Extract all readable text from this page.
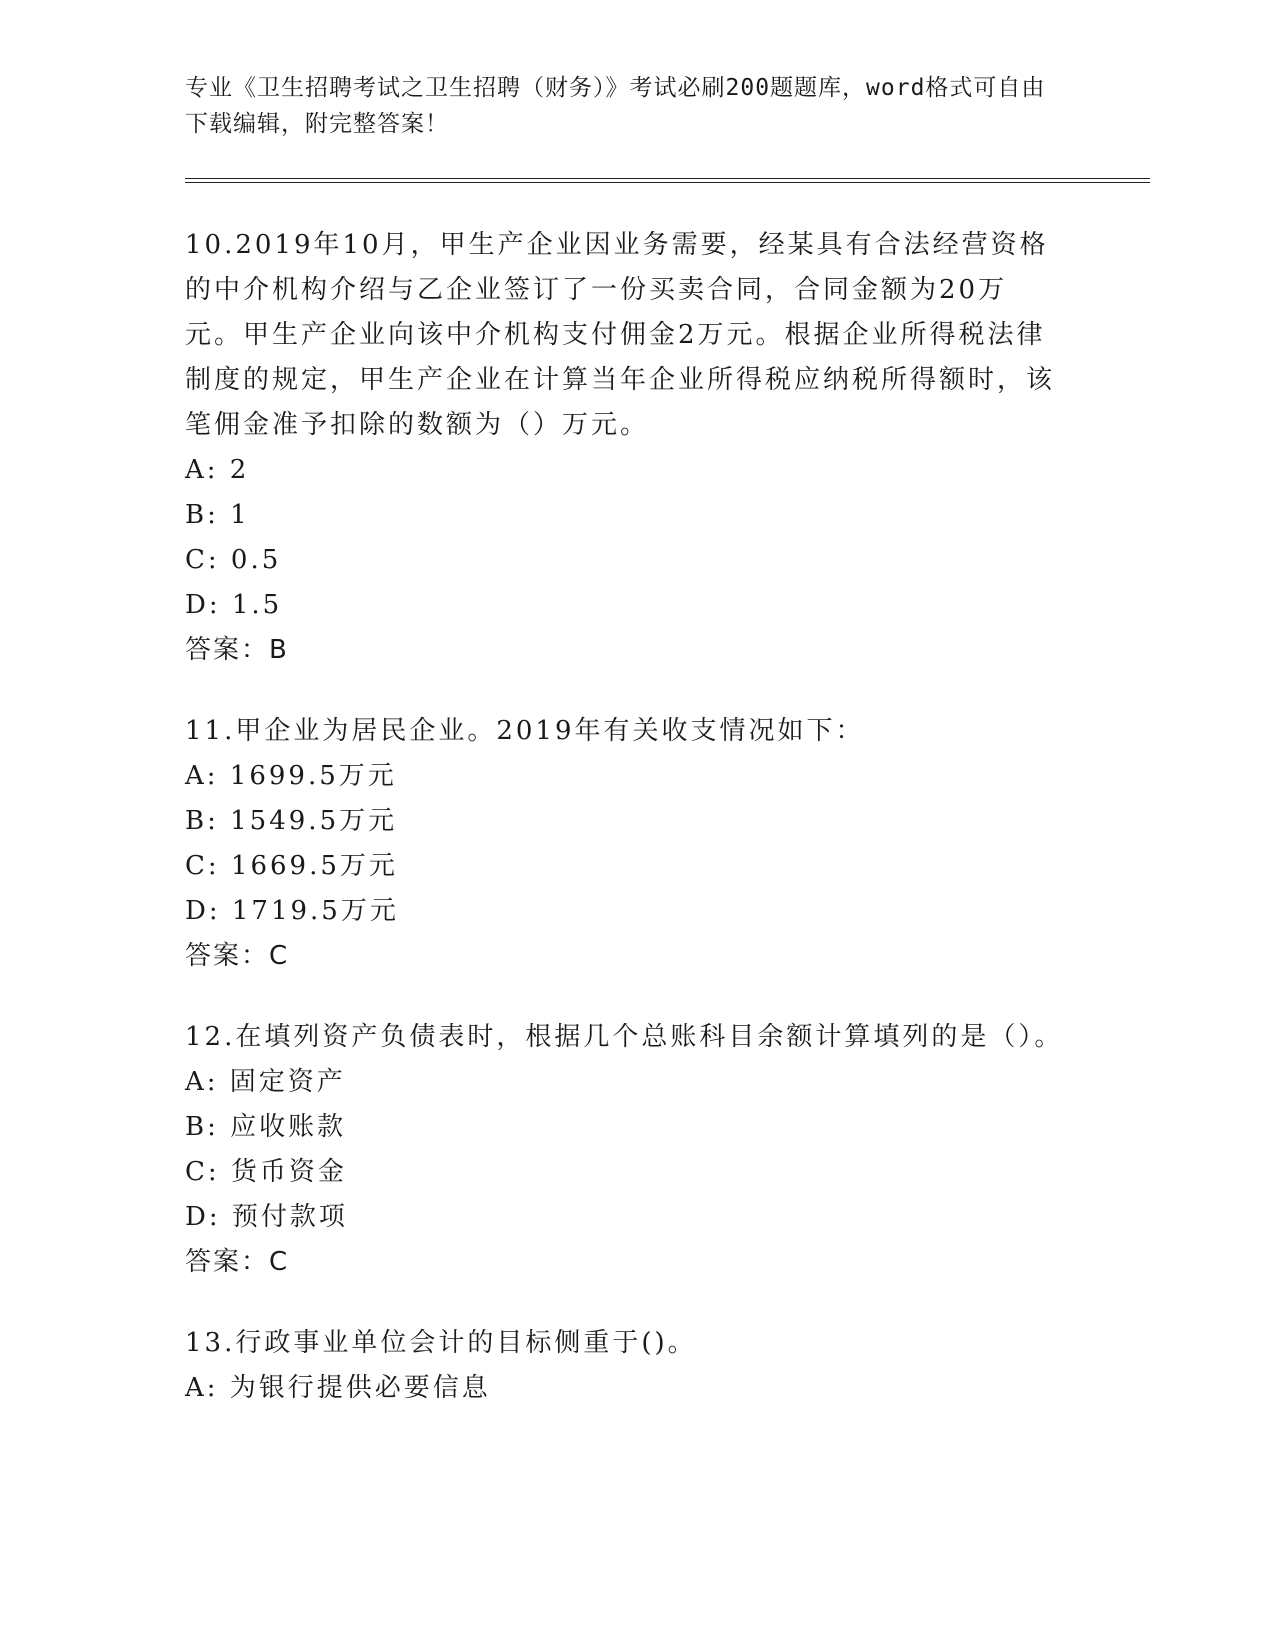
专业《卫生招聘考试之卫生招聘（财务）》考试必刷200题题库，word格式可自由下载编辑，附完整答案！
10.2019年10月，甲生产企业因业务需要，经某具有合法经营资格的中介机构介绍与乙企业签订了一份买卖合同，合同金额为20万元。甲生产企业向该中介机构支付佣金2万元。根据企业所得税法律制度的规定，甲生产企业在计算当年企业所得税应纳税所得额时，该笔佣金准予扣除的数额为（）万元。
A: 2
B: 1
C: 0.5
D: 1.5
答案：B
11.甲企业为居民企业。2019年有关收支情况如下：
A: 1699.5万元
B: 1549.5万元
C: 1669.5万元
D: 1719.5万元
答案：C
12.在填列资产负债表时，根据几个总账科目余额计算填列的是（）。
A: 固定资产
B: 应收账款
C: 货币资金
D: 预付款项
答案：C
13.行政事业单位会计的目标侧重于()。
A: 为银行提供必要信息
